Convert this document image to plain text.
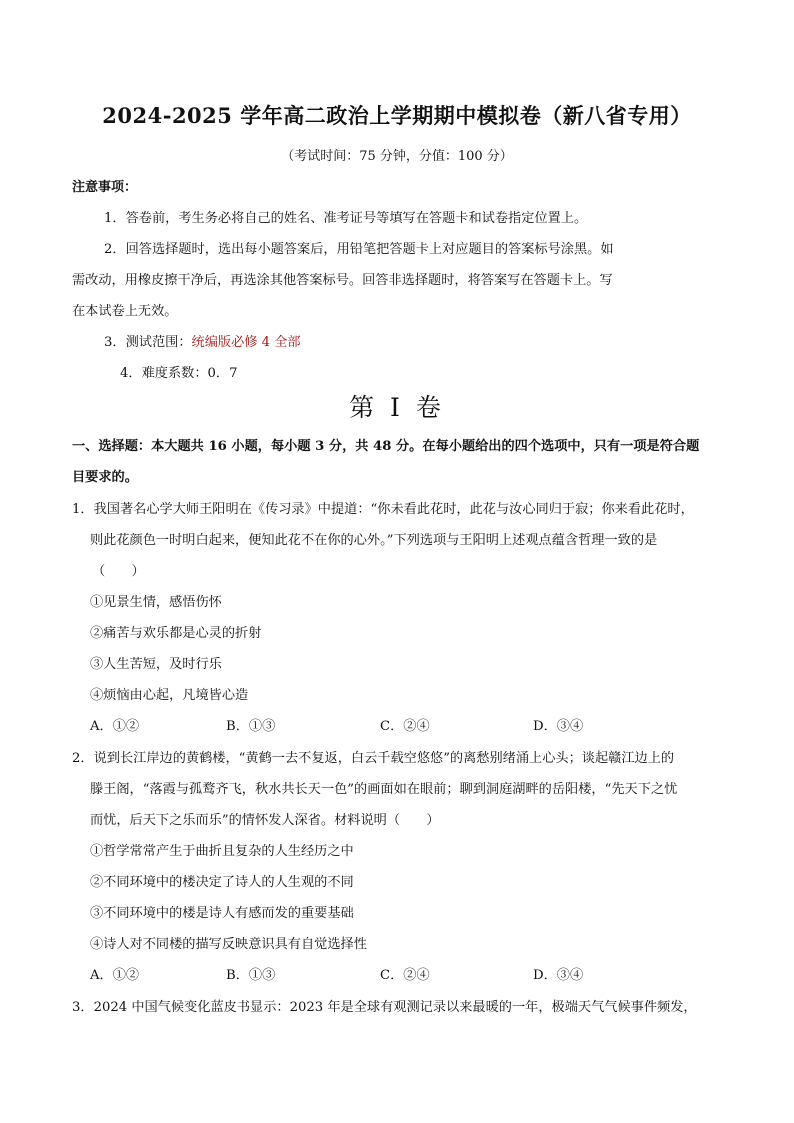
2024-2025 学年高二政治上学期期中模拟卷（新八省专用）
（考试时间：75 分钟，分值：100 分）
注意事项：
1．答卷前，考生务必将自己的姓名、准考证号等填写在答题卡和试卷指定位置上。
2．回答选择题时，选出每小题答案后，用铅笔把答题卡上对应题目的答案标号涂黑。如
需改动，用橡皮擦干净后，再选涂其他答案标号。回答非选择题时，将答案写在答题卡上。写
在本试卷上无效。
3．测试范围：统编版必修 4 全部
4．难度系数：0．7
第 I 卷
一、选择题：本大题共 16 小题，每小题 3 分，共 48 分。在每小题给出的四个选项中，只有一项是符合题
目要求的。
1．我国著名心学大师王阳明在《传习录》中提道：“你未看此花时，此花与汝心同归于寂；你来看此花时，
则此花颜色一时明白起来，便知此花不在你的心外。”下列选项与王阳明上述观点蕴含哲理一致的是
（　　）
①见景生情，感悟伤怀
②痛苦与欢乐都是心灵的折射
③人生苦短，及时行乐
④烦恼由心起，凡境皆心造
A．①②	B．①③	C．②④	D．③④
2．说到长江岸边的黄鹤楼，“黄鹤一去不复返，白云千载空悠悠”的离愁别绪涌上心头；谈起赣江边上的
滕王阁，“落霞与孤鹜齐飞，秋水共长天一色”的画面如在眼前；聊到洞庭湖畔的岳阳楼，“先天下之忧
而忧，后天下之乐而乐”的情怀发人深省。材料说明（　　）
①哲学常常产生于曲折且复杂的人生经历之中
②不同环境中的楼决定了诗人的人生观的不同
③不同环境中的楼是诗人有感而发的重要基础
④诗人对不同楼的描写反映意识具有自觉选择性
A．①②	B．①③	C．②④	D．③④
3．2024 中国气候变化蓝皮书显示：2023 年是全球有观测记录以来最暖的一年，极端天气气候事件频发，
